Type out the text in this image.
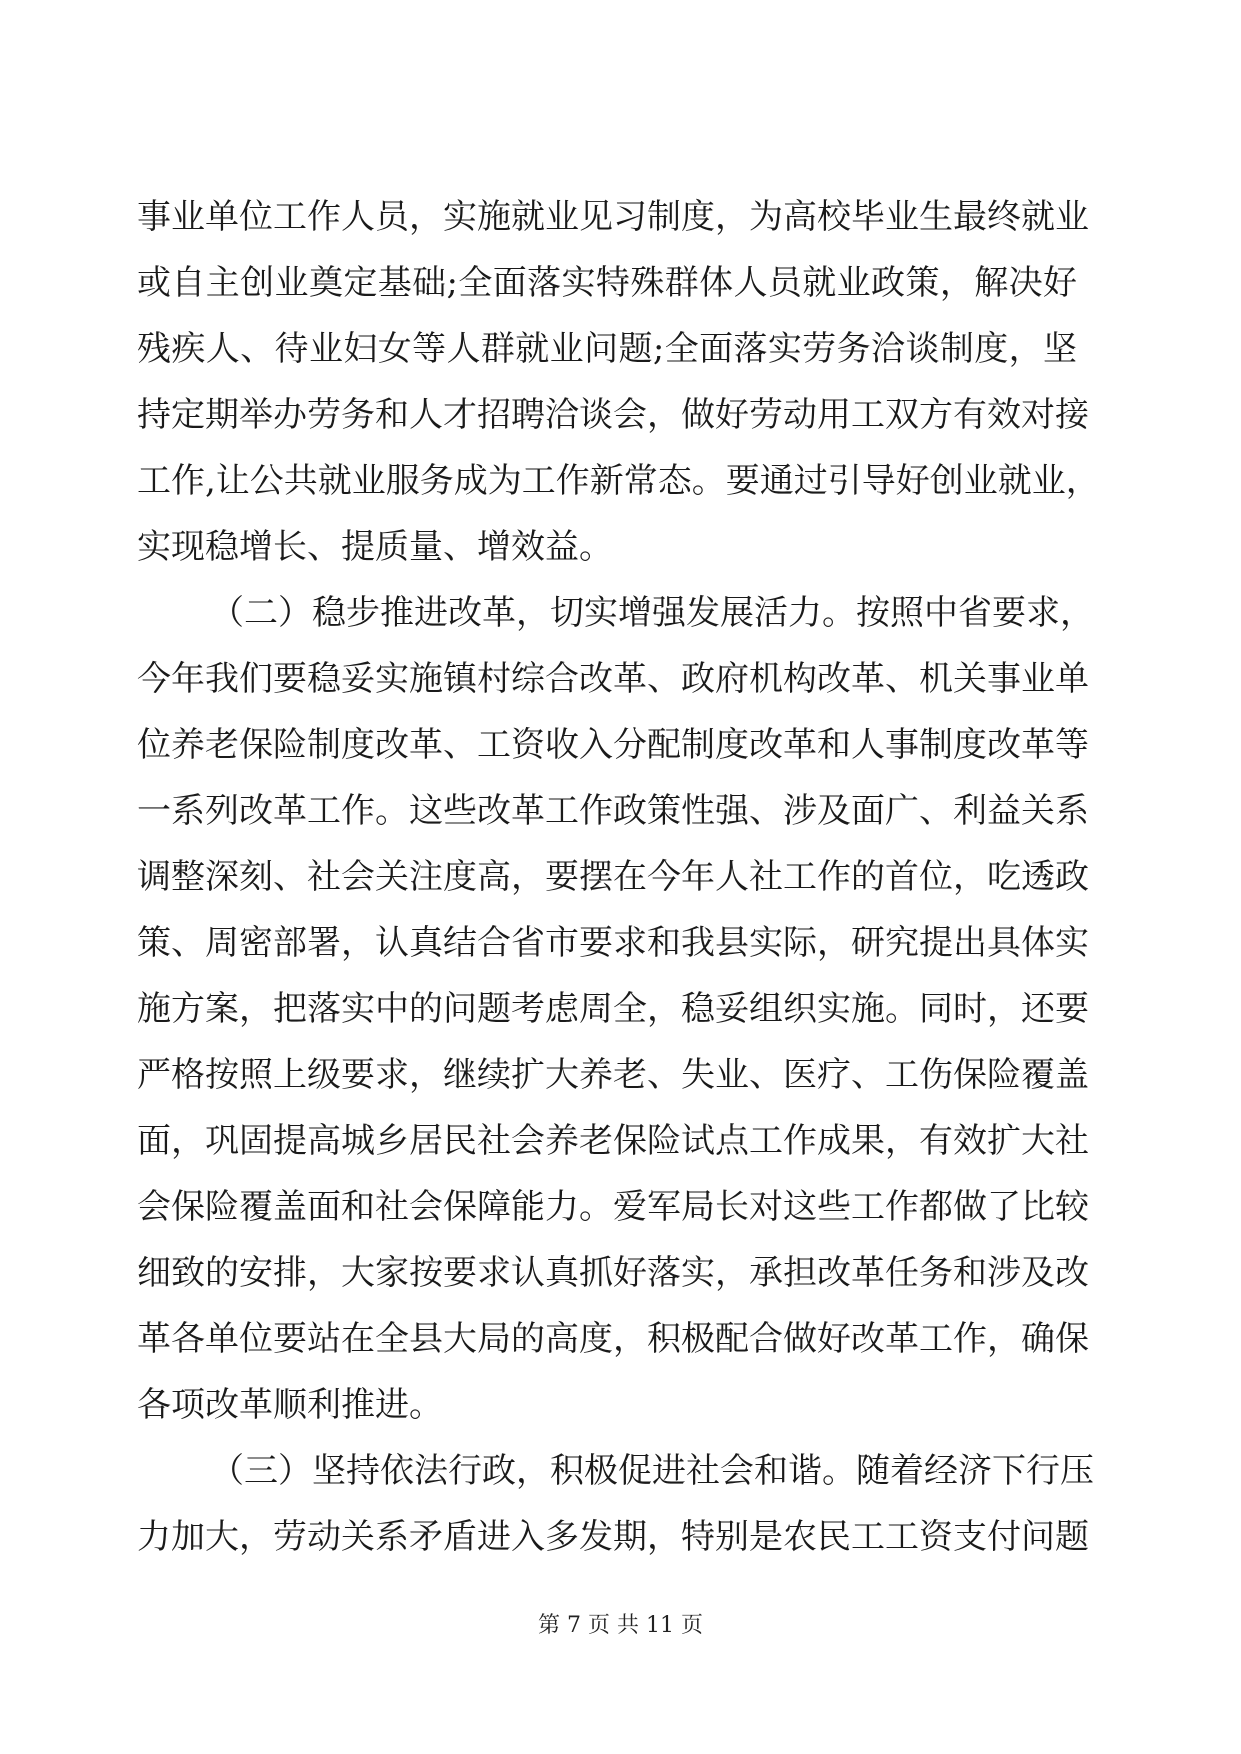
事业单位工作人员，实施就业见习制度，为高校毕业生最终就业
或自主创业奠定基础;全面落实特殊群体人员就业政策，解决好
残疾人、待业妇女等人群就业问题;全面落实劳务洽谈制度，坚
持定期举办劳务和人才招聘洽谈会，做好劳动用工双方有效对接
工作,让公共就业服务成为工作新常态。要通过引导好创业就业，
实现稳增长、提质量、增效益。
（二）稳步推进改革，切实增强发展活力。按照中省要求，
今年我们要稳妥实施镇村综合改革、政府机构改革、机关事业单
位养老保险制度改革、工资收入分配制度改革和人事制度改革等
一系列改革工作。这些改革工作政策性强、涉及面广、利益关系
调整深刻、社会关注度高，要摆在今年人社工作的首位，吃透政
策、周密部署，认真结合省市要求和我县实际，研究提出具体实
施方案，把落实中的问题考虑周全，稳妥组织实施。同时，还要
严格按照上级要求，继续扩大养老、失业、医疗、工伤保险覆盖
面，巩固提高城乡居民社会养老保险试点工作成果，有效扩大社
会保险覆盖面和社会保障能力。爱军局长对这些工作都做了比较
细致的安排，大家按要求认真抓好落实，承担改革任务和涉及改
革各单位要站在全县大局的高度，积极配合做好改革工作，确保
各项改革顺利推进。
（三）坚持依法行政，积极促进社会和谐。随着经济下行压
力加大，劳动关系矛盾进入多发期，特别是农民工工资支付问题
第 7 页 共 11 页
